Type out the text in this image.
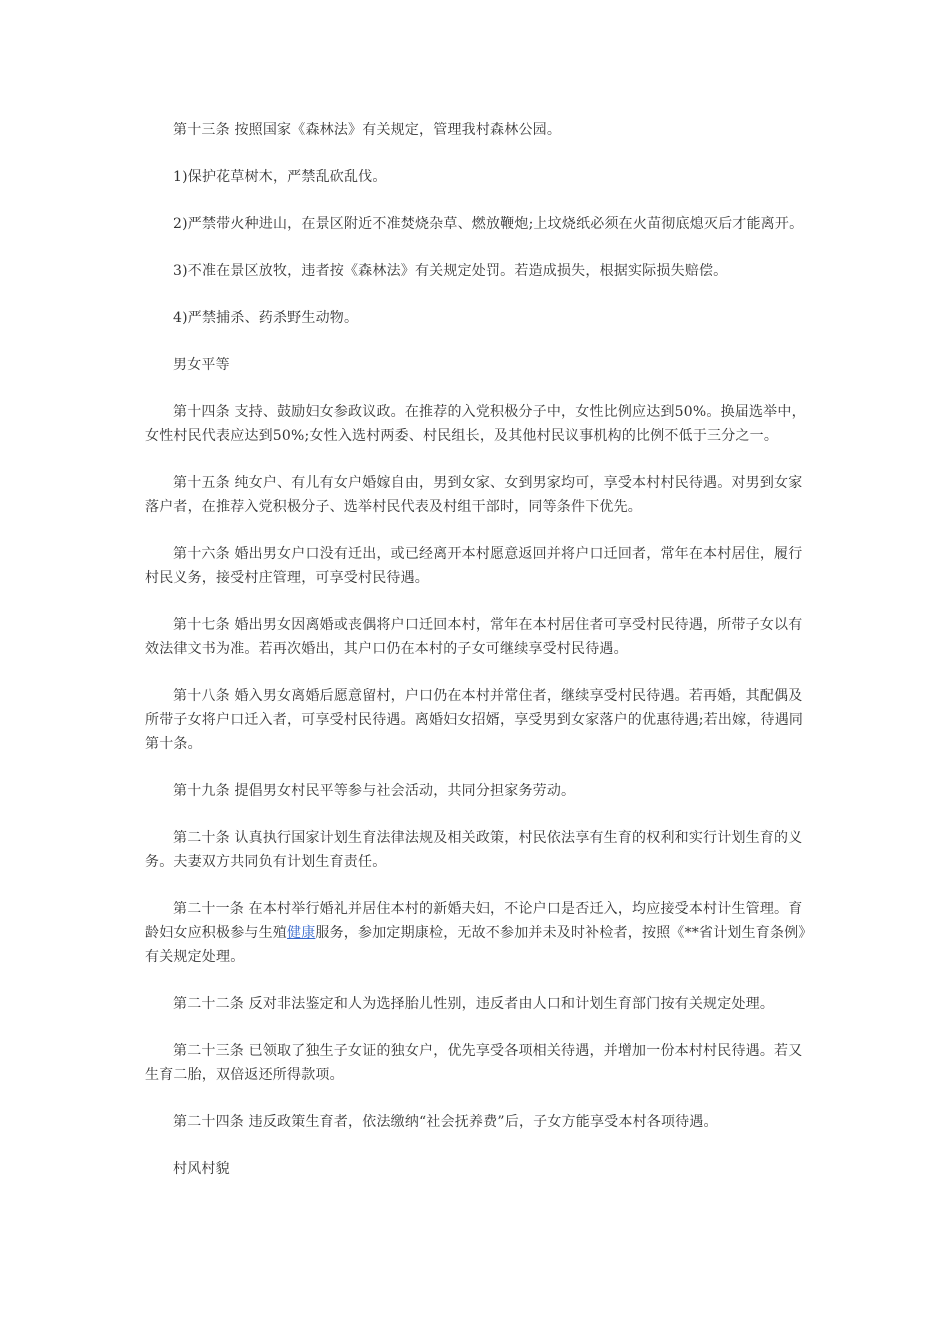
第十三条 按照国家《森林法》有关规定，管理我村森林公园。

1)保护花草树木，严禁乱砍乱伐。

2)严禁带火种进山，在景区附近不准焚烧杂草、燃放鞭炮;上坟烧纸必须在火苗彻底熄灭后才能离开。

3)不准在景区放牧，违者按《森林法》有关规定处罚。若造成损失，根据实际损失赔偿。

4)严禁捕杀、药杀野生动物。

男女平等

第十四条 支持、鼓励妇女参政议政。在推荐的入党积极分子中，女性比例应达到50%。换届选举中，女性村民代表应达到50%;女性入选村两委、村民组长，及其他村民议事机构的比例不低于三分之一。

第十五条 纯女户、有儿有女户婚嫁自由，男到女家、女到男家均可，享受本村村民待遇。对男到女家落户者，在推荐入党积极分子、选举村民代表及村组干部时，同等条件下优先。

第十六条 婚出男女户口没有迁出，或已经离开本村愿意返回并将户口迁回者，常年在本村居住，履行村民义务，接受村庄管理，可享受村民待遇。

第十七条 婚出男女因离婚或丧偶将户口迁回本村，常年在本村居住者可享受村民待遇，所带子女以有效法律文书为准。若再次婚出，其户口仍在本村的子女可继续享受村民待遇。

第十八条 婚入男女离婚后愿意留村，户口仍在本村并常住者，继续享受村民待遇。若再婚，其配偶及所带子女将户口迁入者，可享受村民待遇。离婚妇女招婿，享受男到女家落户的优惠待遇;若出嫁，待遇同第十条。

第十九条 提倡男女村民平等参与社会活动，共同分担家务劳动。

第二十条 认真执行国家计划生育法律法规及相关政策，村民依法享有生育的权利和实行计划生育的义务。夫妻双方共同负有计划生育责任。

第二十一条 在本村举行婚礼并居住本村的新婚夫妇，不论户口是否迁入，均应接受本村计生管理。育龄妇女应积极参与生殖健康服务，参加定期康检，无故不参加并未及时补检者，按照《**省计划生育条例》有关规定处理。

第二十二条 反对非法鉴定和人为选择胎儿性别，违反者由人口和计划生育部门按有关规定处理。

第二十三条 已领取了独生子女证的独女户，优先享受各项相关待遇，并增加一份本村村民待遇。若又生育二胎，双倍返还所得款项。

第二十四条 违反政策生育者，依法缴纳“社会抚养费”后，子女方能享受本村各项待遇。

村风村貌
